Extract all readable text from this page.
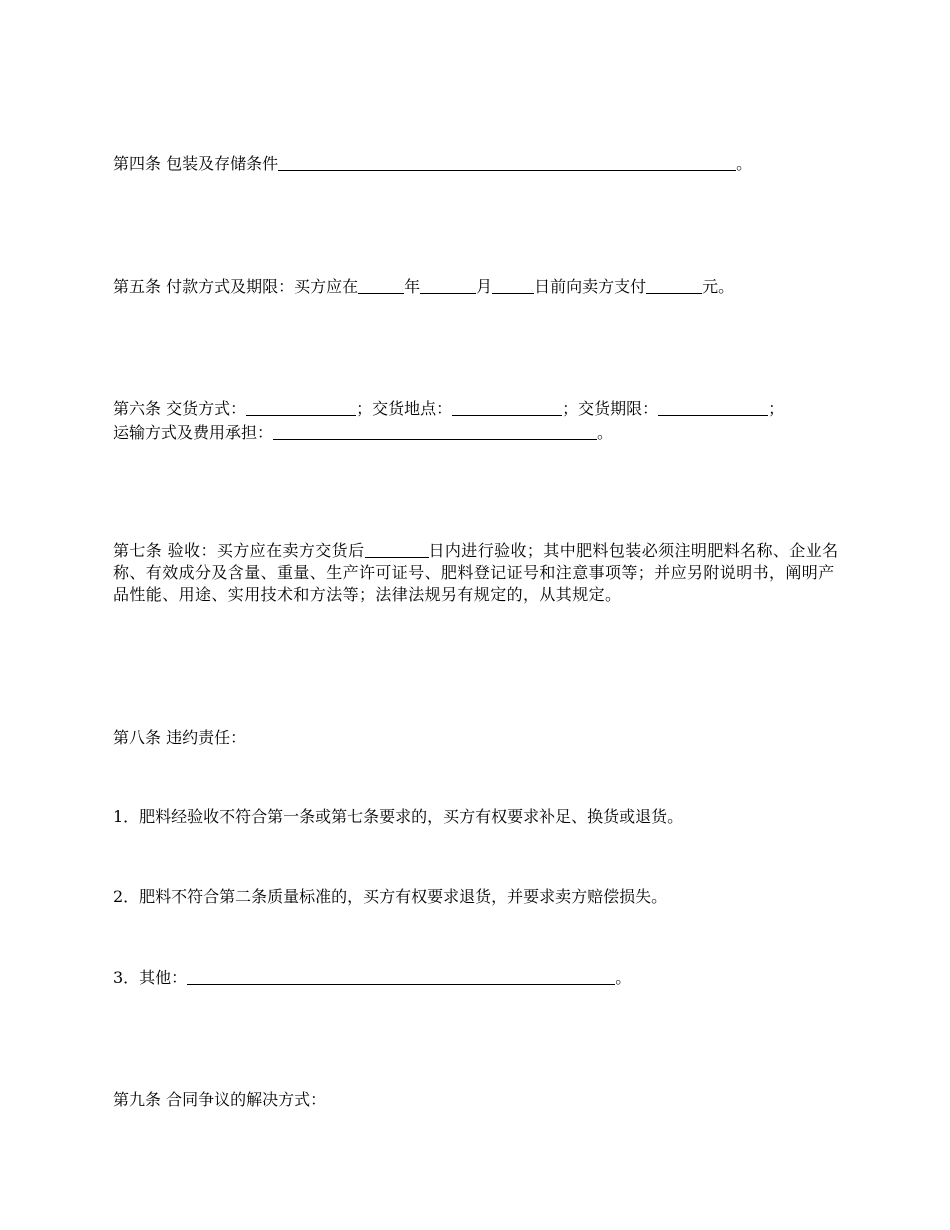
第四条 包装及存储条件	。

第五条 付款方式及期限：买方应在	年	月	日前向卖方支付	元。

第六条 交货方式：	；交货地点：	；交货期限：	；

运输方式及费用承担：	。

第七条 验收：买方应在卖方交货后	日内进行验收；其中肥料包装必须注明肥料名称、企业名称、有效成分及含量、重量、生产许可证号、肥料登记证号和注意事项等；并应另附说明书，阐明产品性能、用途、实用技术和方法等；法律法规另有规定的，从其规定。

第八条 违约责任：

1．肥料经验收不符合第一条或第七条要求的，买方有权要求补足、换货或退货。

2．肥料不符合第二条质量标准的，买方有权要求退货，并要求卖方赔偿损失。

3．其他：	。

第九条 合同争议的解决方式：
